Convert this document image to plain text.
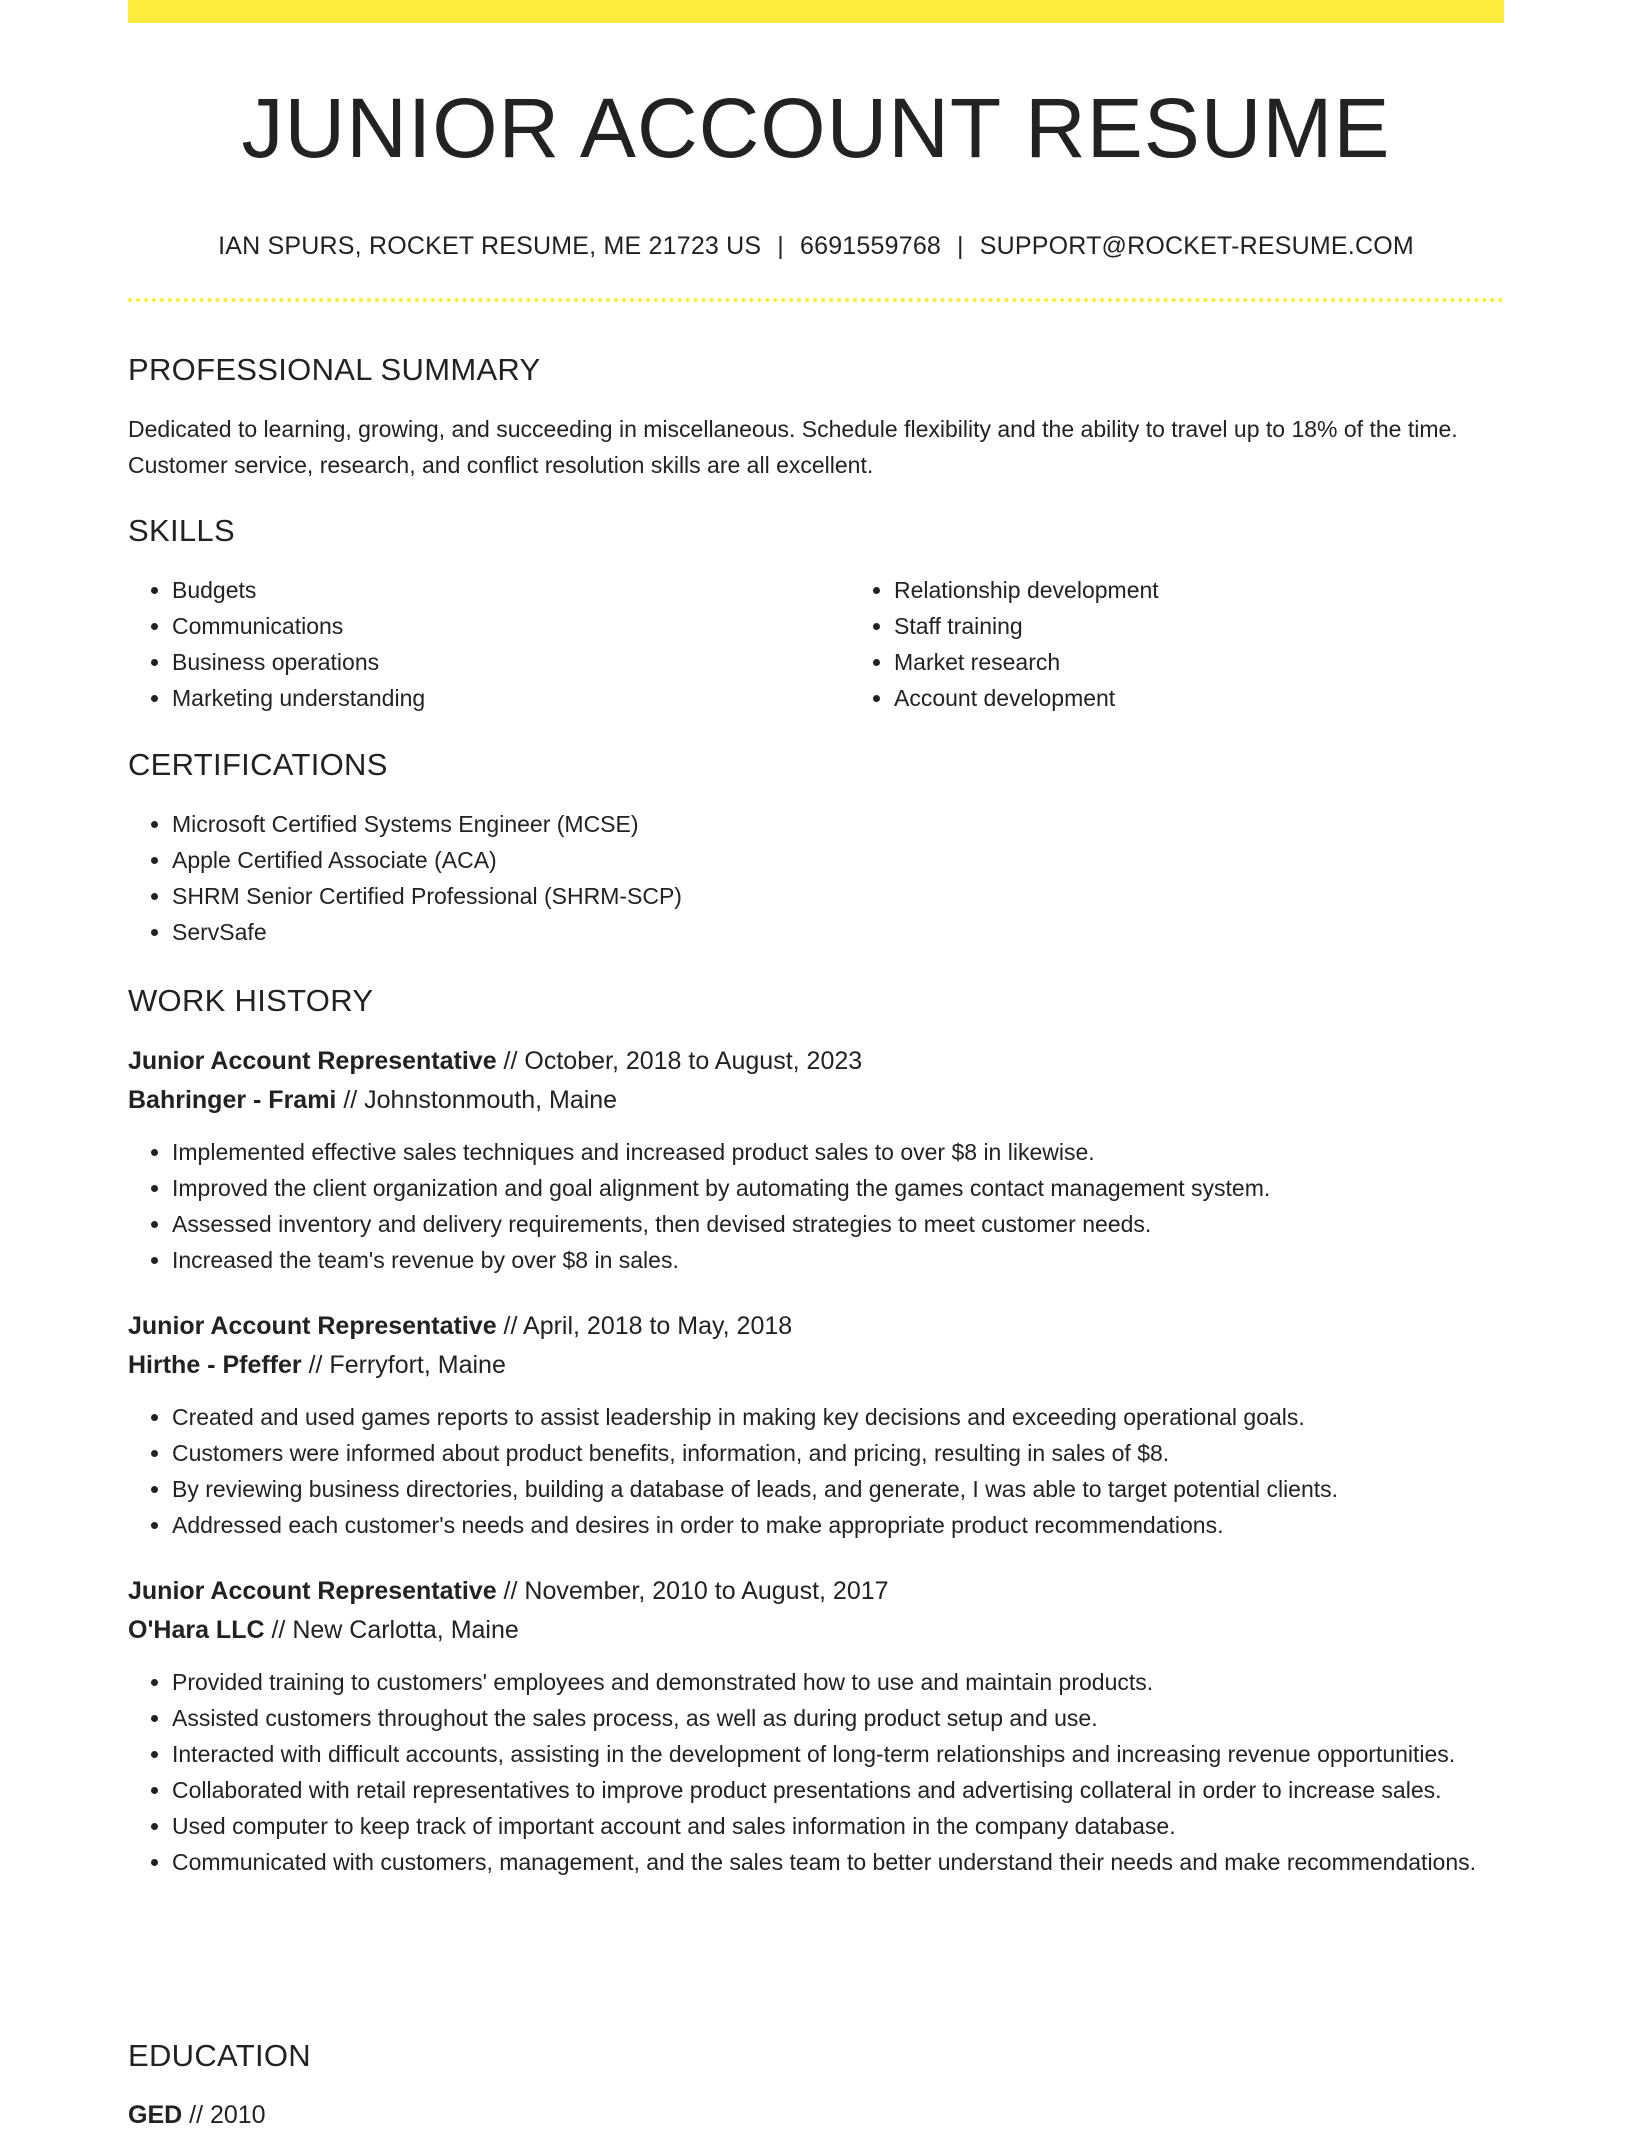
JUNIOR ACCOUNT RESUME
IAN SPURS, ROCKET RESUME, ME 21723 US | 6691559768 | SUPPORT@ROCKET-RESUME.COM
PROFESSIONAL SUMMARY

Dedicated to learning, growing, and succeeding in miscellaneous. Schedule flexibility and the ability to travel up to 18% of the time. Customer service, research, and conflict resolution skills are all excellent.

SKILLS
• Budgets
• Communications
• Business operations
• Marketing understanding
• Relationship development
• Staff training
• Market research
• Account development
CERTIFICATIONS
• Microsoft Certified Systems Engineer (MCSE)
• Apple Certified Associate (ACA)
• SHRM Senior Certified Professional (SHRM-SCP)
• ServSafe
WORK HISTORY

Junior Account Representative // October, 2018 to August, 2023

Bahringer - Frami // Johnstonmouth, Maine

• Implemented effective sales techniques and increased product sales to over $8 in likewise.
• Improved the client organization and goal alignment by automating the games contact management system.
• Assessed inventory and delivery requirements, then devised strategies to meet customer needs.
• Increased the team's revenue by over $8 in sales.

Junior Account Representative // April, 2018 to May, 2018

Hirthe - Pfeffer // Ferryfort, Maine

• Created and used games reports to assist leadership in making key decisions and exceeding operational goals.
• Customers were informed about product benefits, information, and pricing, resulting in sales of $8.
• By reviewing business directories, building a database of leads, and generate, I was able to target potential clients.
• Addressed each customer's needs and desires in order to make appropriate product recommendations.

Junior Account Representative // November, 2010 to August, 2017

O'Hara LLC // New Carlotta, Maine

• Provided training to customers' employees and demonstrated how to use and maintain products.
• Assisted customers throughout the sales process, as well as during product setup and use.
• Interacted with difficult accounts, assisting in the development of long-term relationships and increasing revenue opportunities.
• Collaborated with retail representatives to improve product presentations and advertising collateral in order to increase sales.
• Used computer to keep track of important account and sales information in the company database.
• Communicated with customers, management, and the sales team to better understand their needs and make recommendations.
EDUCATION

GED // 2010
